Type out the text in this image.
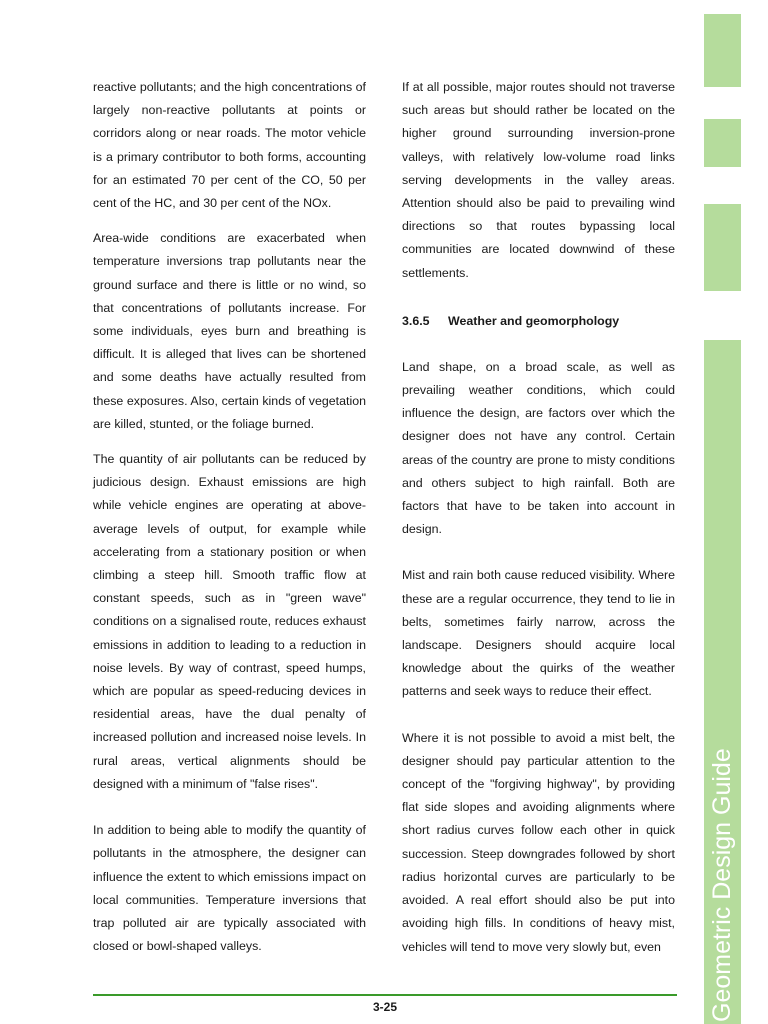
reactive pollutants; and the high concentrations of largely non-reactive pollutants at points or corridors along or near roads. The motor vehicle is a primary contributor to both forms, accounting for an estimated 70 per cent of the CO, 50 per cent of the HC, and 30 per cent of the NOx.

Area-wide conditions are exacerbated when temperature inversions trap pollutants near the ground surface and there is little or no wind, so that concentrations of pollutants increase. For some individuals, eyes burn and breathing is difficult. It is alleged that lives can be shortened and some deaths have actually resulted from these exposures. Also, certain kinds of vegetation are killed, stunted, or the foliage burned.

The quantity of air pollutants can be reduced by judicious design. Exhaust emissions are high while vehicle engines are operating at above-average levels of output, for example while accelerating from a stationary position or when climbing a steep hill. Smooth traffic flow at constant speeds, such as in "green wave" conditions on a signalised route, reduces exhaust emissions in addition to leading to a reduction in noise levels. By way of contrast, speed humps, which are popular as speed-reducing devices in residential areas, have the dual penalty of increased pollution and increased noise levels. In rural areas, vertical alignments should be designed with a minimum of "false rises".

In addition to being able to modify the quantity of pollutants in the atmosphere, the designer can influence the extent to which emissions impact on local communities. Temperature inversions that trap polluted air are typically associated with closed or bowl-shaped valleys.

If at all possible, major routes should not traverse such areas but should rather be located on the higher ground surrounding inversion-prone valleys, with relatively low-volume road links serving developments in the valley areas. Attention should also be paid to prevailing wind directions so that routes bypassing local communities are located downwind of these settlements.

3.6.5 Weather and geomorphology

Land shape, on a broad scale, as well as prevailing weather conditions, which could influence the design, are factors over which the designer does not have any control. Certain areas of the country are prone to misty conditions and others subject to high rainfall. Both are factors that have to be taken into account in design.

Mist and rain both cause reduced visibility. Where these are a regular occurrence, they tend to lie in belts, sometimes fairly narrow, across the landscape. Designers should acquire local knowledge about the quirks of the weather patterns and seek ways to reduce their effect.

Where it is not possible to avoid a mist belt, the designer should pay particular attention to the concept of the "forgiving highway", by providing flat side slopes and avoiding alignments where short radius curves follow each other in quick succession. Steep downgrades followed by short radius horizontal curves are particularly to be avoided. A real effort should also be put into avoiding high fills. In conditions of heavy mist, vehicles will tend to move very slowly but, even	Geometric Design Guide
3-25
